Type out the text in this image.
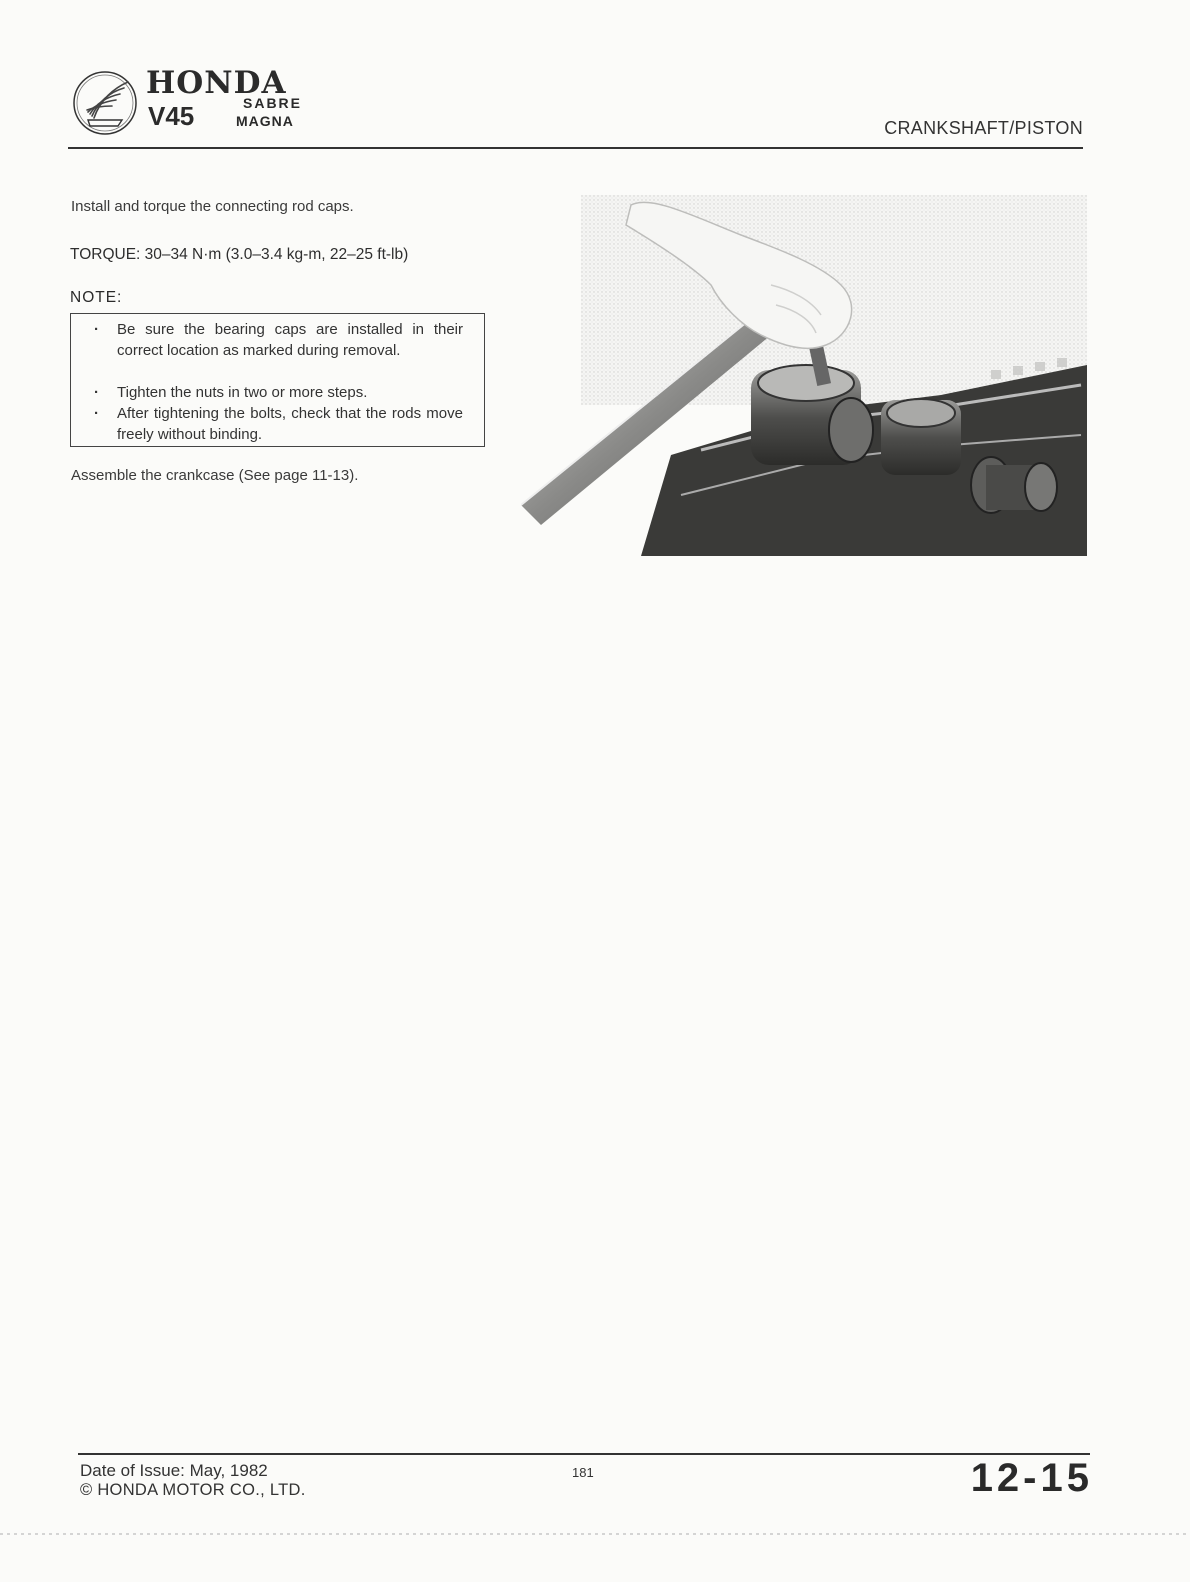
HONDA
V45	SABRE
MAGNA	CRANKSHAFT/PISTON
Install and torque the connecting rod caps.
TORQUE: 30–34 N·m (3.0–3.4 kg-m, 22–25 ft-lb)
NOTE:
· Be sure the bearing caps are installed in their correct location as marked during removal.
· Tighten the nuts in two or more steps.
· After tightening the bolts, check that the rods move freely without binding.
Assemble the crankcase (See page 11-13).
Date of Issue: May, 1982
© HONDA MOTOR CO., LTD.
181	12-15
